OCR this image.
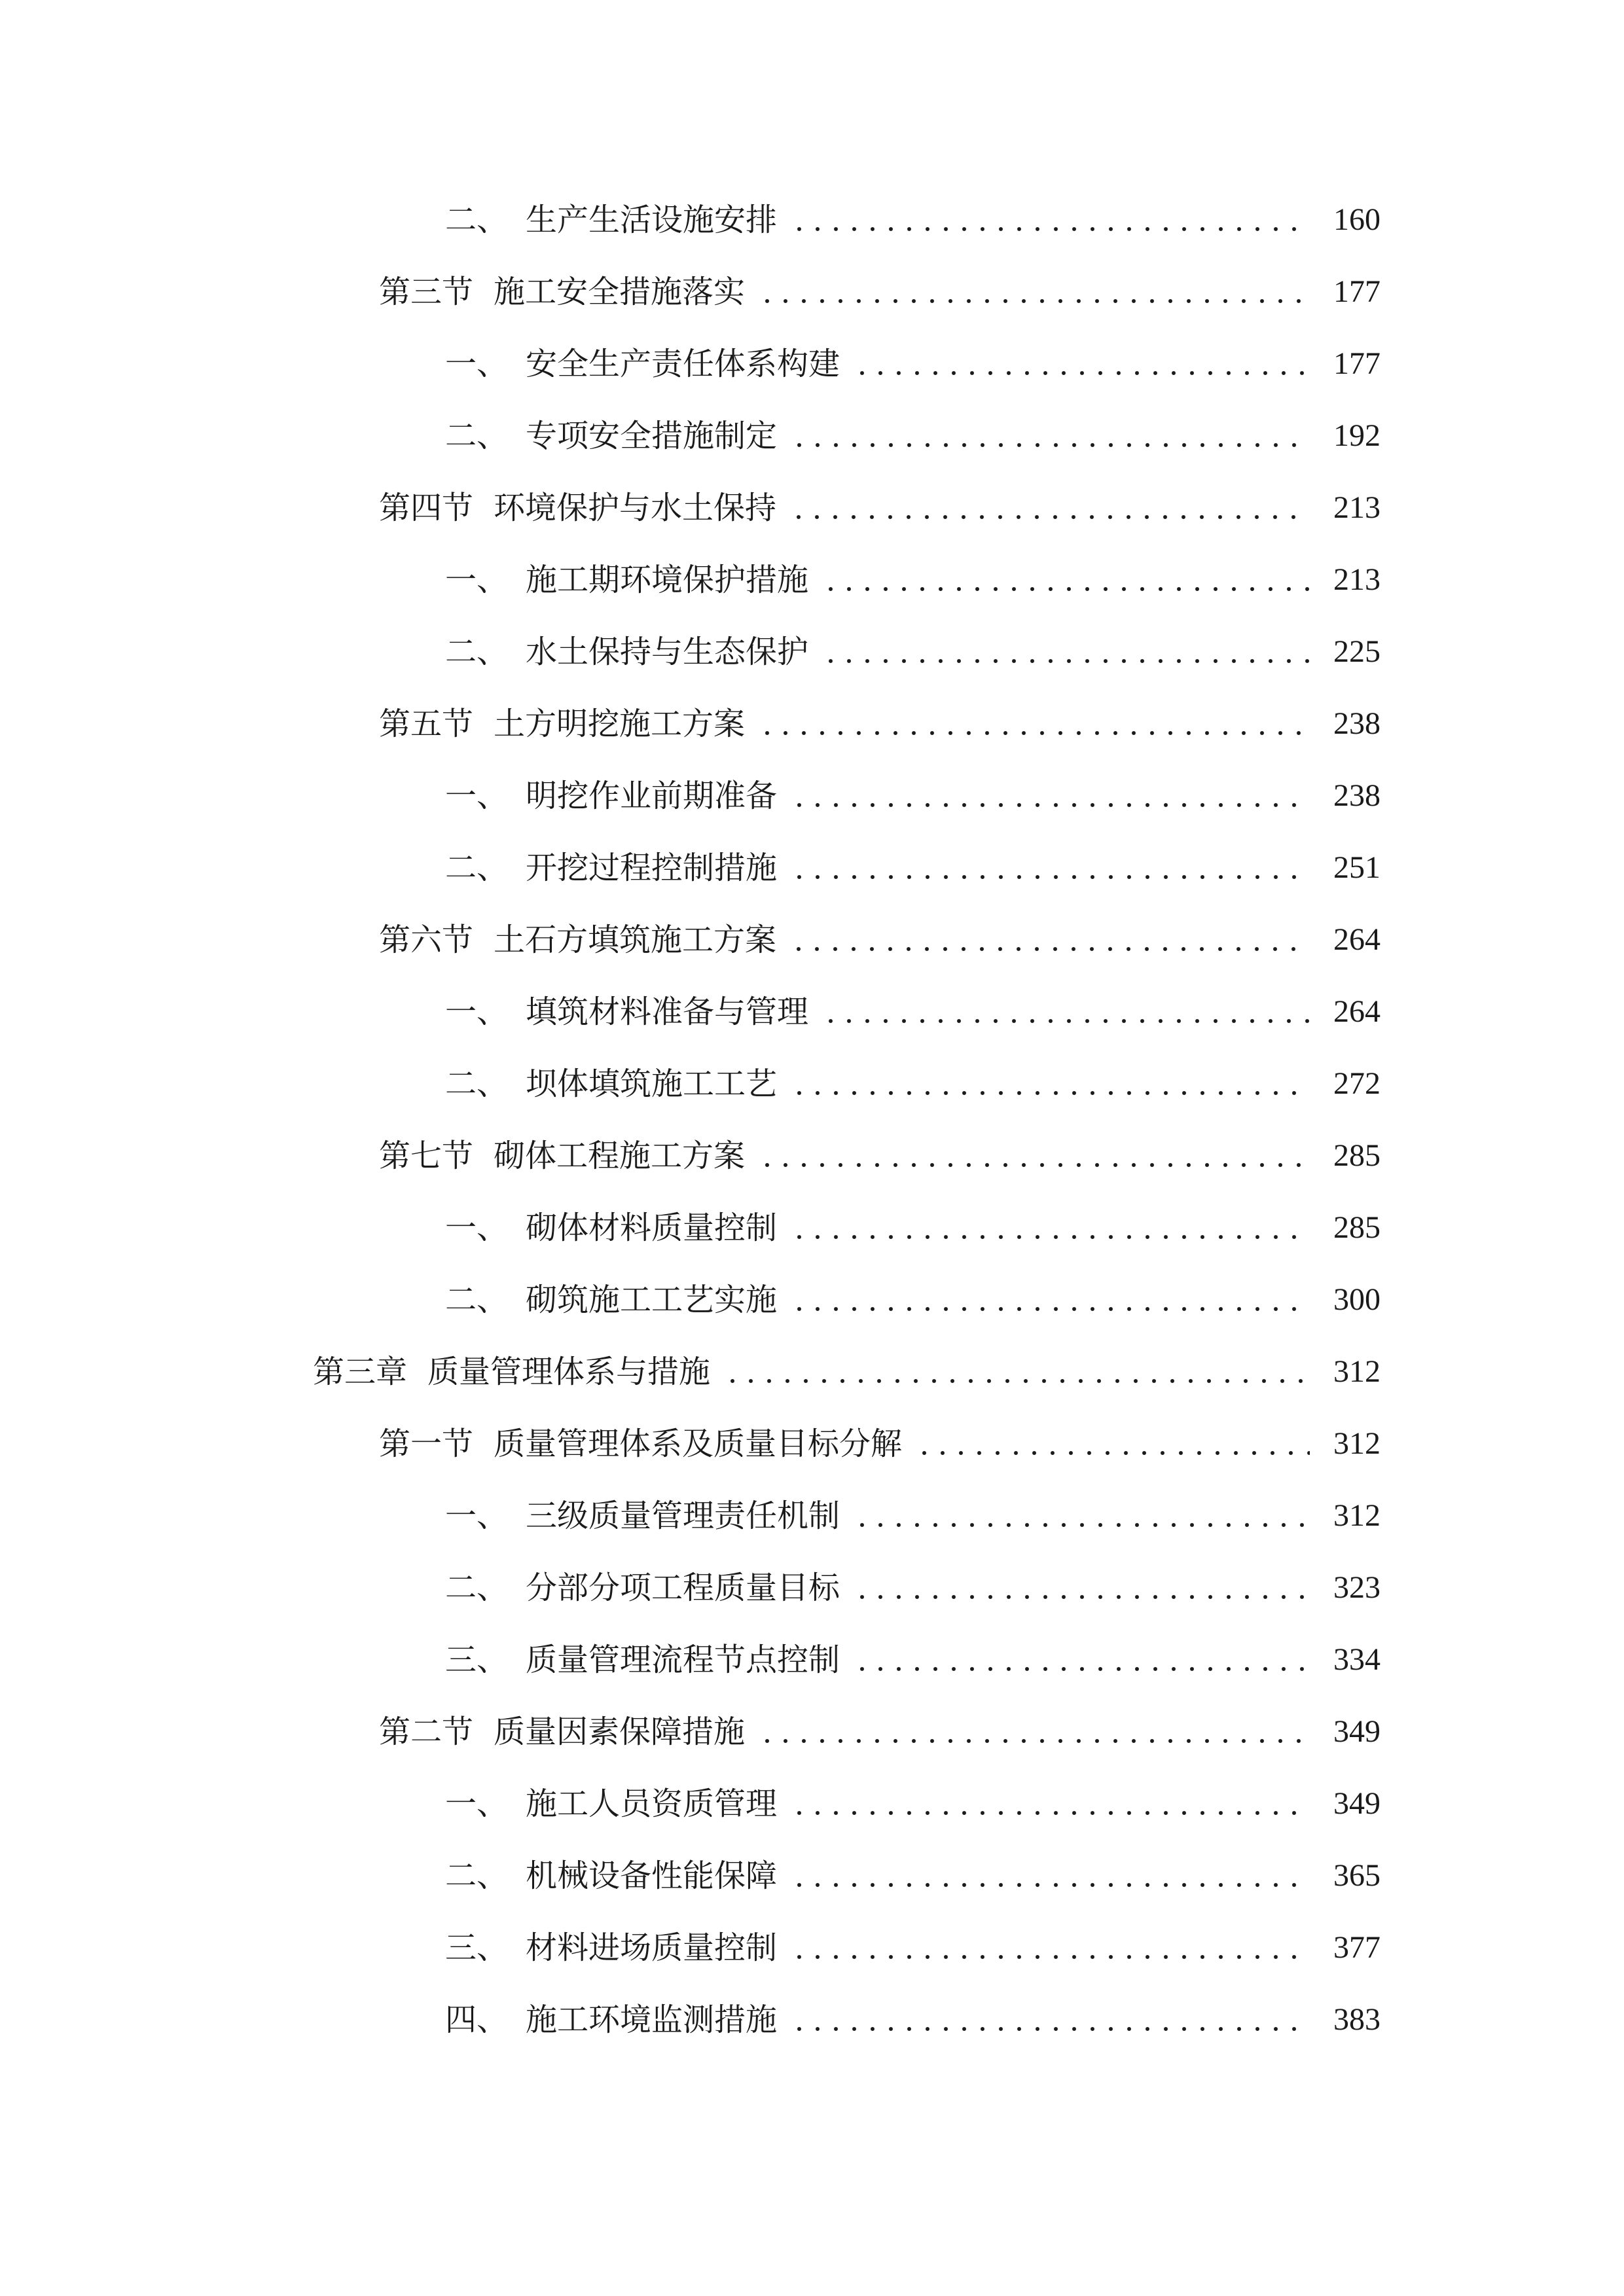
二、 生产生活设施安排	160
第三节 施工安全措施落实	177
一、 安全生产责任体系构建	177
二、 专项安全措施制定	192
第四节 环境保护与水土保持	213
一、 施工期环境保护措施	213
二、 水土保持与生态保护	225
第五节 土方明挖施工方案	238
一、 明挖作业前期准备	238
二、 开挖过程控制措施	251
第六节 土石方填筑施工方案	264
一、 填筑材料准备与管理	264
二、 坝体填筑施工工艺	272
第七节 砌体工程施工方案	285
一、 砌体材料质量控制	285
二、 砌筑施工工艺实施	300
第三章 质量管理体系与措施	312
第一节 质量管理体系及质量目标分解	312
一、 三级质量管理责任机制	312
二、 分部分项工程质量目标	323
三、 质量管理流程节点控制	334
第二节 质量因素保障措施	349
一、 施工人员资质管理	349
二、 机械设备性能保障	365
三、 材料进场质量控制	377
四、 施工环境监测措施	383
